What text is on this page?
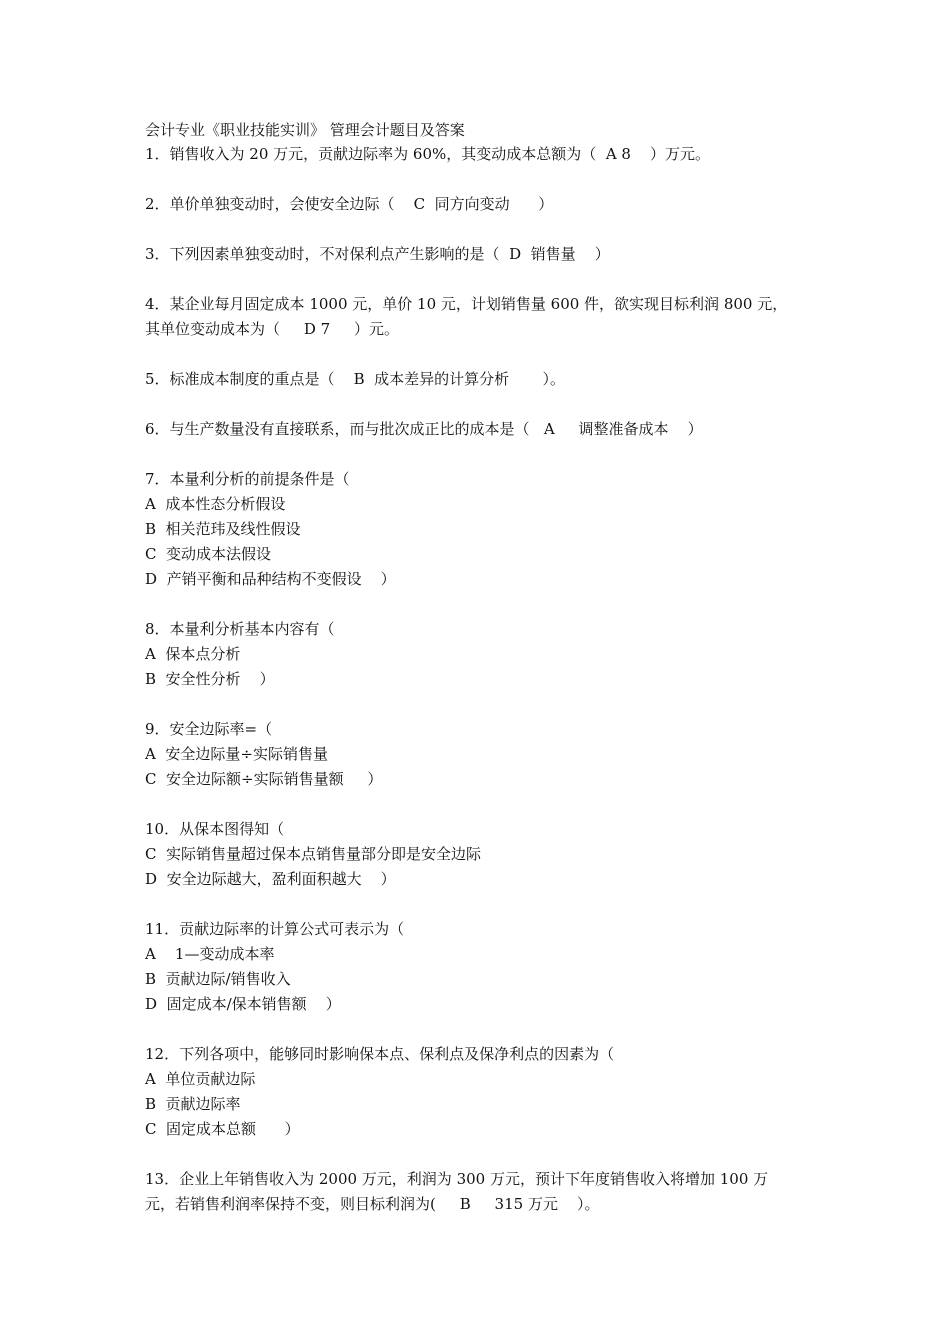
会计专业《职业技能实训》 管理会计题目及答案
1．销售收入为 20 万元，贡献边际率为 60%，其变动成本总额为（  A 8    ）万元。
2．单价单独变动时，会使安全边际（    C  同方向变动      ）
3．下列因素单独变动时，不对保利点产生影响的是（  D  销售量    ）
4．某企业每月固定成本 1000 元，单价 10 元，计划销售量 600 件，欲实现目标利润 800 元，
其单位变动成本为（     D 7     ）元。
5．标准成本制度的重点是（    B  成本差异的计算分析       ）。
6．与生产数量没有直接联系，而与批次成正比的成本是（   A     调整准备成本    ）
7．本量利分析的前提条件是（
A  成本性态分析假设
B  相关范玮及线性假设
C  变动成本法假设
D  产销平衡和品种结构不变假设    ）
8．本量利分析基本内容有（
A  保本点分析
B  安全性分析    ）
9．安全边际率=（
A  安全边际量÷实际销售量
C  安全边际额÷实际销售量额     ）
10．从保本图得知（
C  实际销售量超过保本点销售量部分即是安全边际
D  安全边际越大，盈利面积越大    ）
11．贡献边际率的计算公式可表示为（
A    1—变动成本率
B  贡献边际/销售收入
D  固定成本/保本销售额    ）
12．下列各项中，能够同时影响保本点、保利点及保净利点的因素为（
A  单位贡献边际
B  贡献边际率
C  固定成本总额      ）
13．企业上年销售收入为 2000 万元，利润为 300 万元，预计下年度销售收入将增加 100 万
元，若销售利润率保持不变，则目标利润为(     B     315 万元    ）。
